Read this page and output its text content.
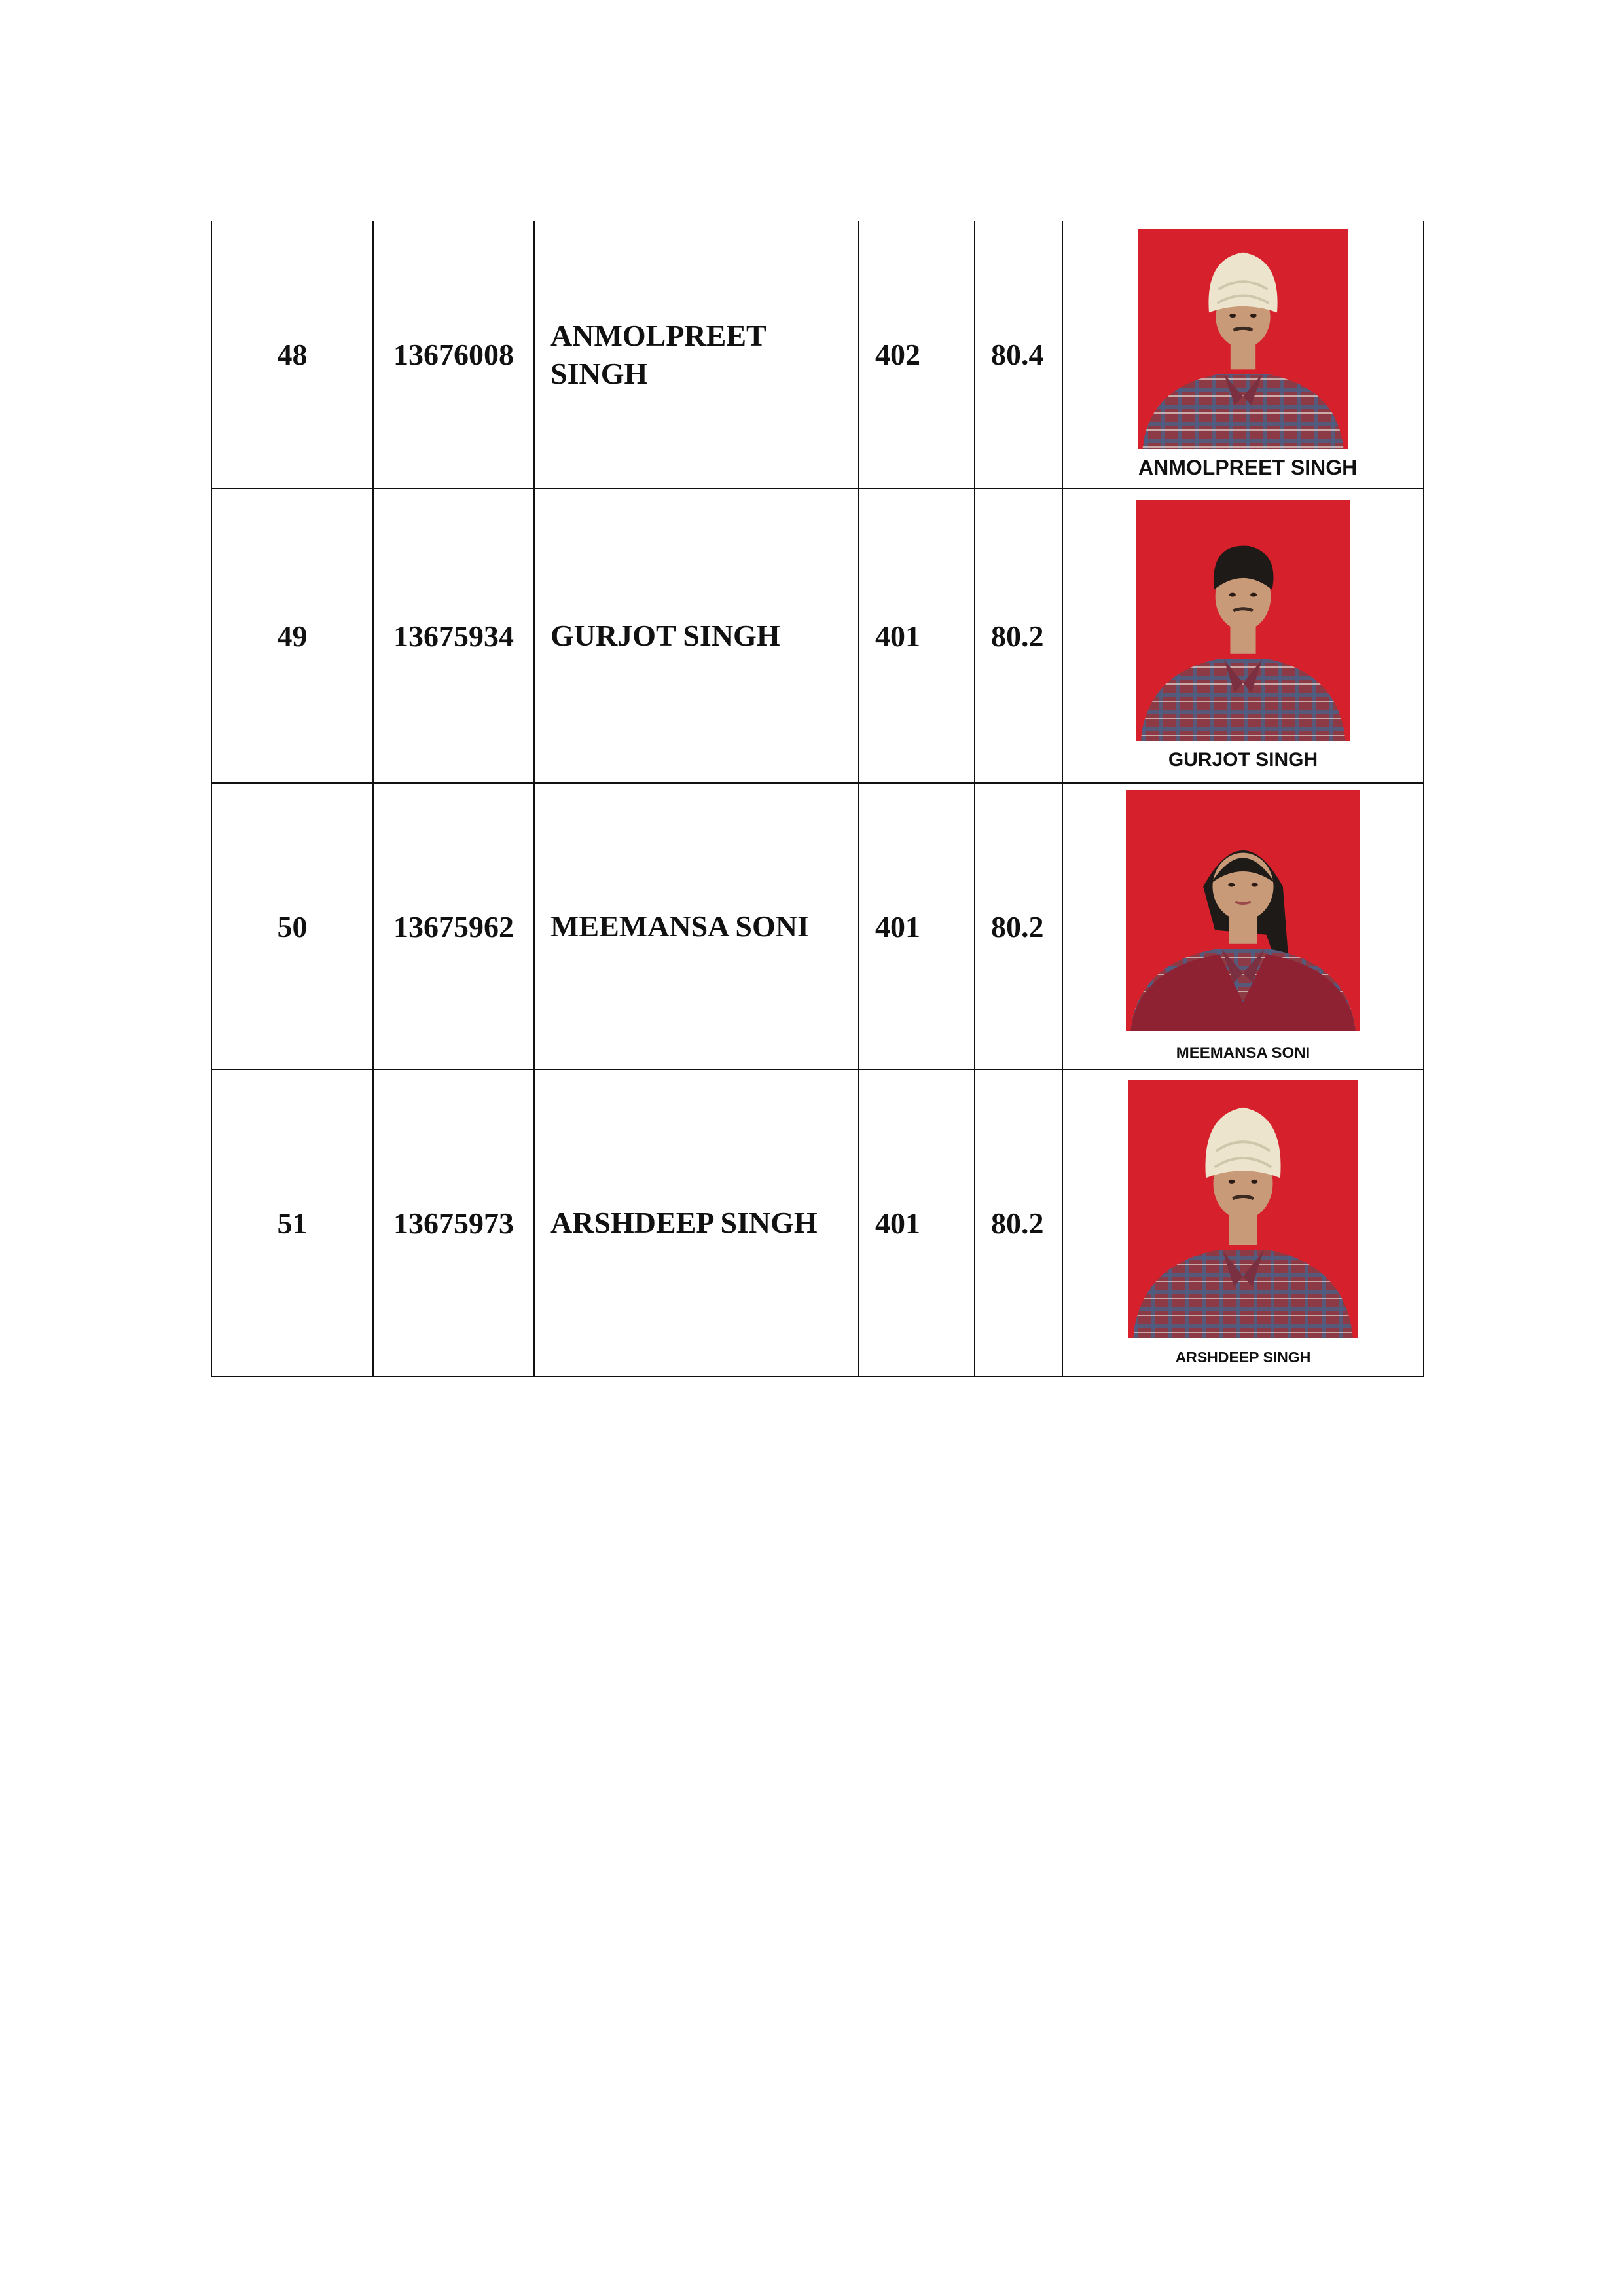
48	13676008	ANMOLPREET SINGH	402	80.4	ANMOLPREET SINGH

49	13675934	GURJOT SINGH	401	80.2	GURJOT SINGH

50	13675962	MEEMANSA SONI	401	80.2	MEEMANSA SONI

51	13675973	ARSHDEEP SINGH	401	80.2	ARSHDEEP SINGH
